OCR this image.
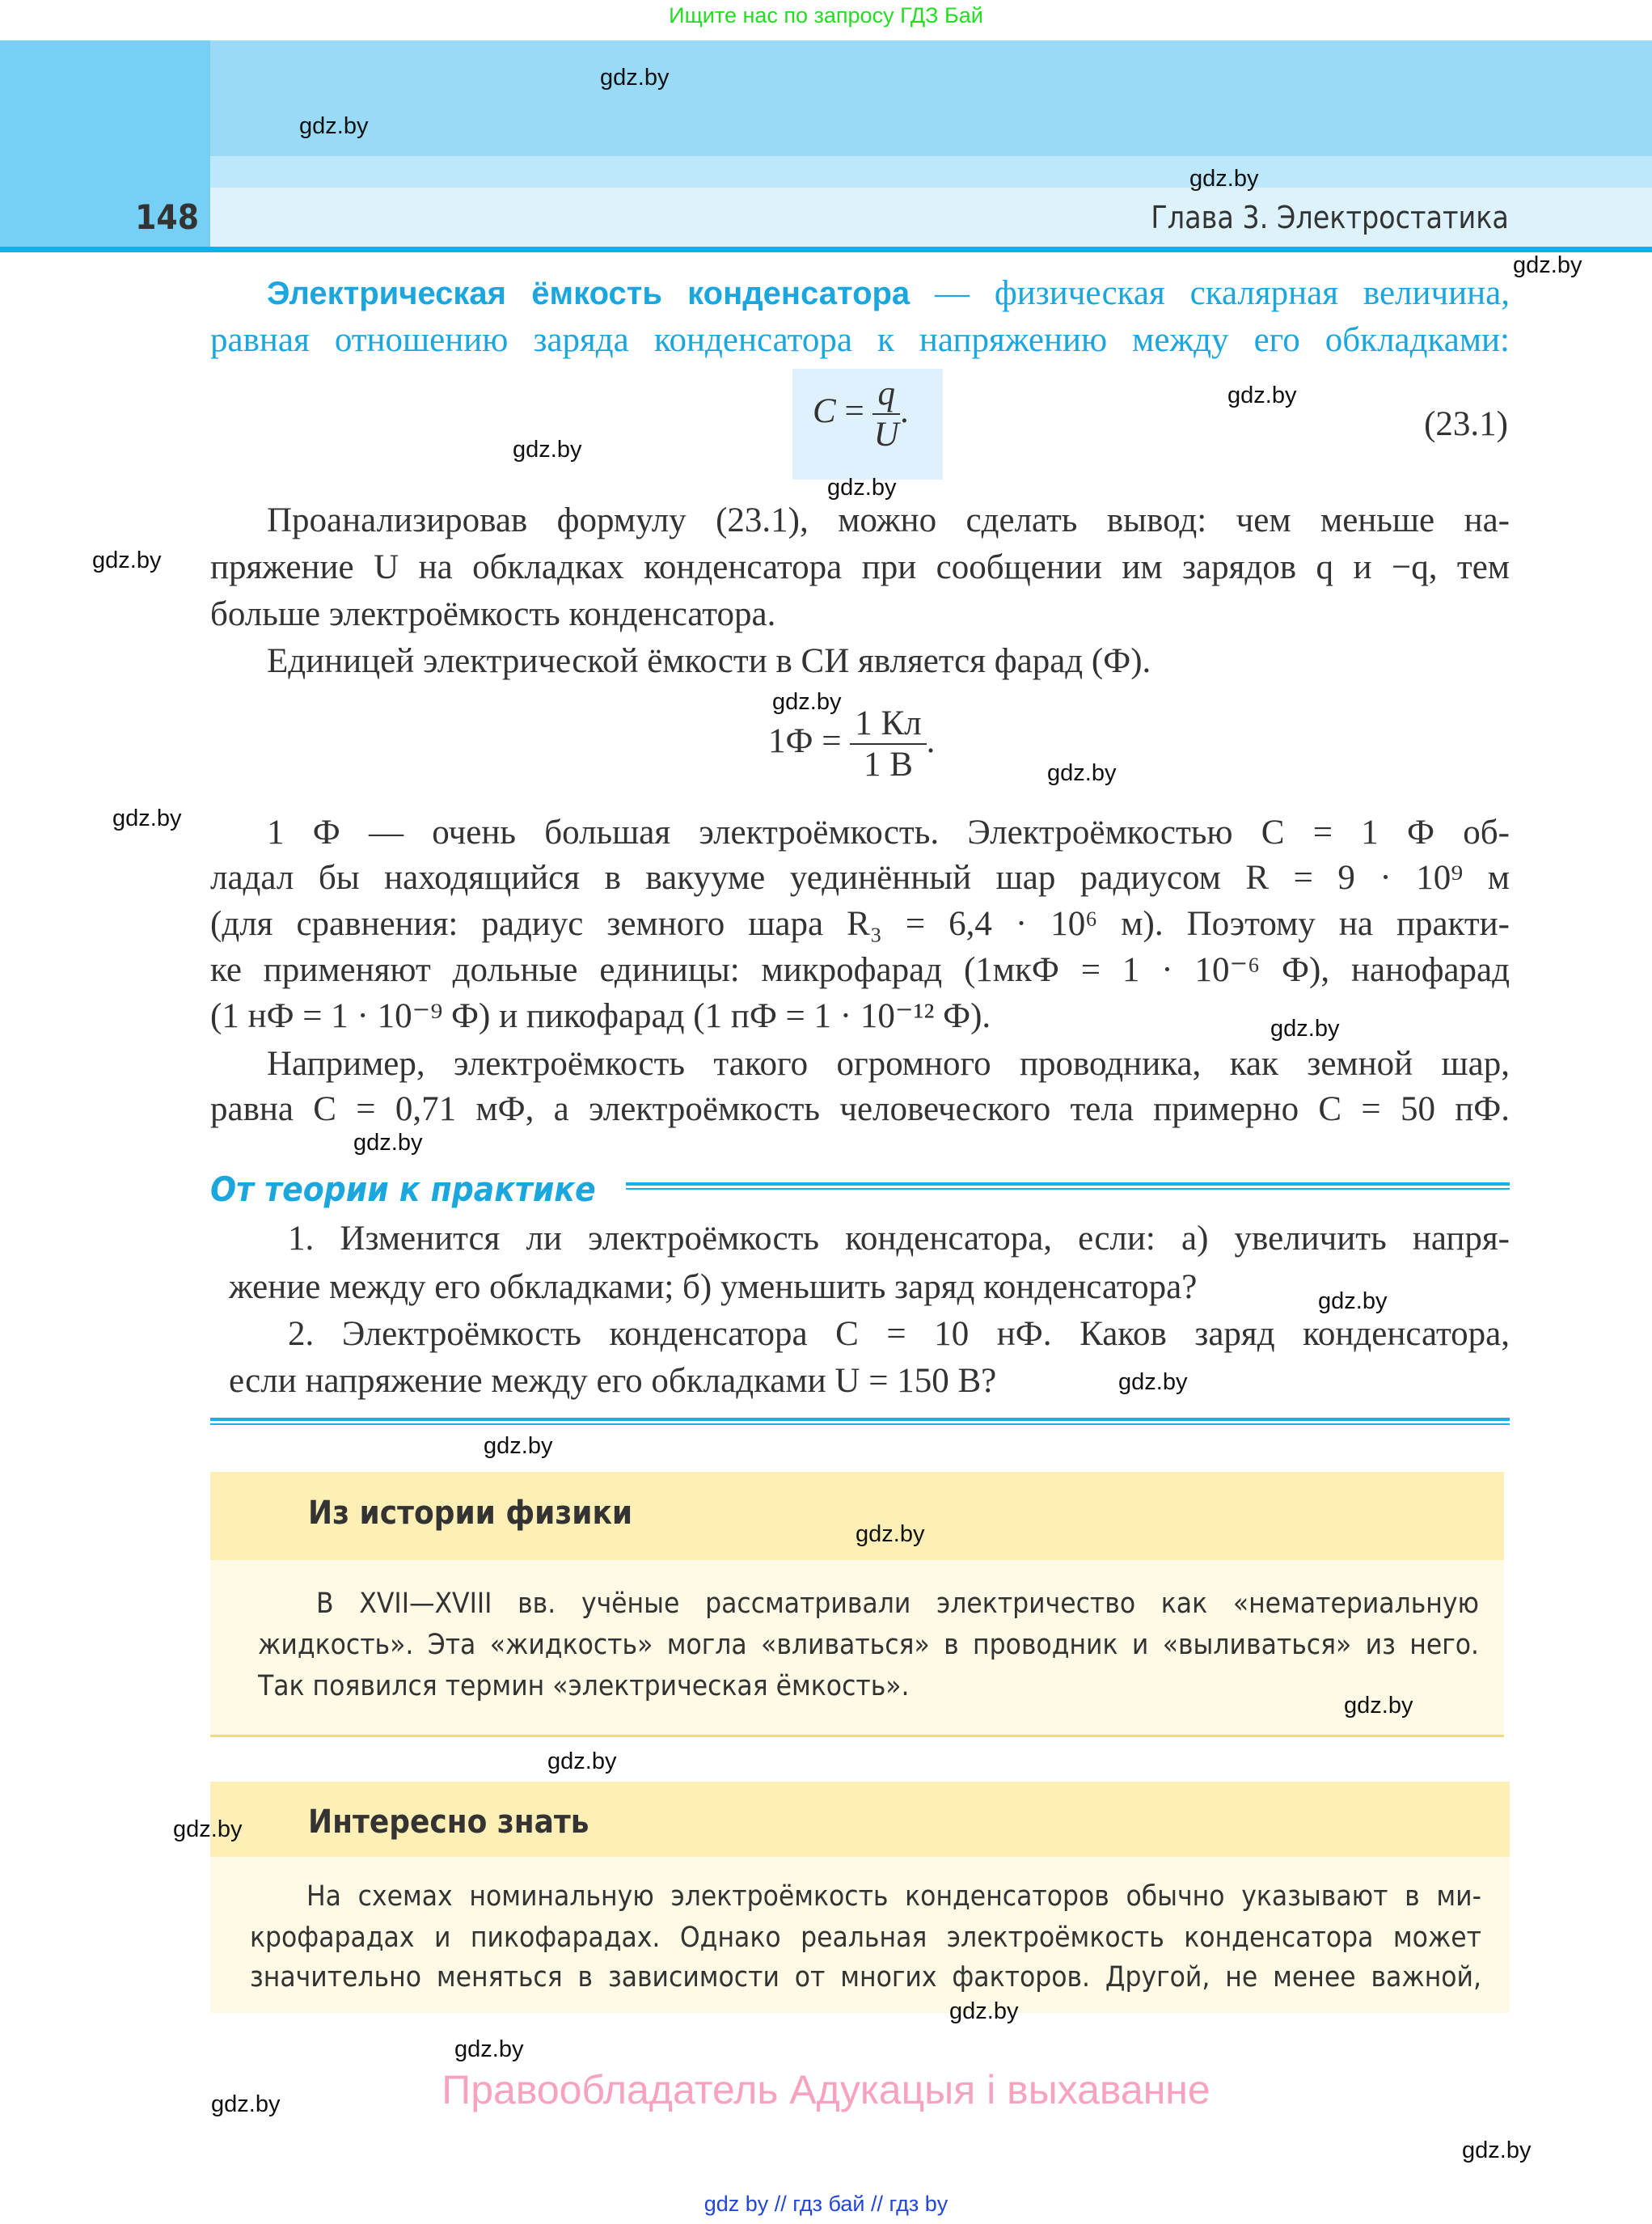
Ищите нас по запросу ГДЗ Бай
148	Глава 3. Электростатика
Электрическая ёмкость конденсатора — физическая скалярная величина,
равная отношению заряда конденсатора к напряжению между его обкладками:
$C = \frac{q}{U}$ .	(23.1)
Проанализировав формулу (23.1), можно сделать вывод: чем меньше на-
пряжение U на обкладках конденсатора при сообщении им зарядов q и −q, тем
больше электроёмкость конденсатора.
Единицей электрической ёмкости в СИ является фарад (Ф).
$1Ф = \frac{1 Кл}{1 В}$ .
1 Ф — очень большая электроёмкость. Электроёмкостью C = 1 Ф об-
ладал бы находящийся в вакууме уединённый шар радиусом R = 9 · 10⁹ м
(для сравнения: радиус земного шара R₃ = 6,4 · 10⁶ м). Поэтому на практи-
ке применяют дольные единицы: микрофарад (1мкФ = 1 · 10⁻⁶ Ф), нанофарад
(1 нФ = 1 · 10⁻⁹ Ф) и пикофарад (1 пФ = 1 · 10⁻¹² Ф).
Например, электроёмкость такого огромного проводника, как земной шар,
равна C = 0,71 мФ, а электроёмкость человеческого тела примерно C = 50 пФ.
От теории к практике
1. Изменится ли электроёмкость конденсатора, если: а) увеличить напря-
жение между его обкладками; б) уменьшить заряд конденсатора?
2. Электроёмкость конденсатора C = 10 нФ. Каков заряд конденсатора,
если напряжение между его обкладками U = 150 В?
Из истории физики
В XVII—XVIII вв. учёные рассматривали электричество как «нематериальную
жидкость». Эта «жидкость» могла «вливаться» в проводник и «выливаться» из него.
Так появился термин «электрическая ёмкость».
Интересно знать
На схемах номинальную электроёмкость конденсаторов обычно указывают в ми-
крофарадах и пикофарадах. Однако реальная электроёмкость конденсатора может
значительно меняться в зависимости от многих факторов. Другой, не менее важной,
Правообладатель Адукацыя і выхаванне
gdz by // гдз бай // гдз by
gdz.by
gdz.by
gdz.by
gdz.by
gdz.by
gdz.by
gdz.by
gdz.by
gdz.by
gdz.by
gdz.by
gdz.by
gdz.by
gdz.by
gdz.by
gdz.by
gdz.by
gdz.by
gdz.by
gdz.by
gdz.by
gdz.by
gdz.by
gdz.by
